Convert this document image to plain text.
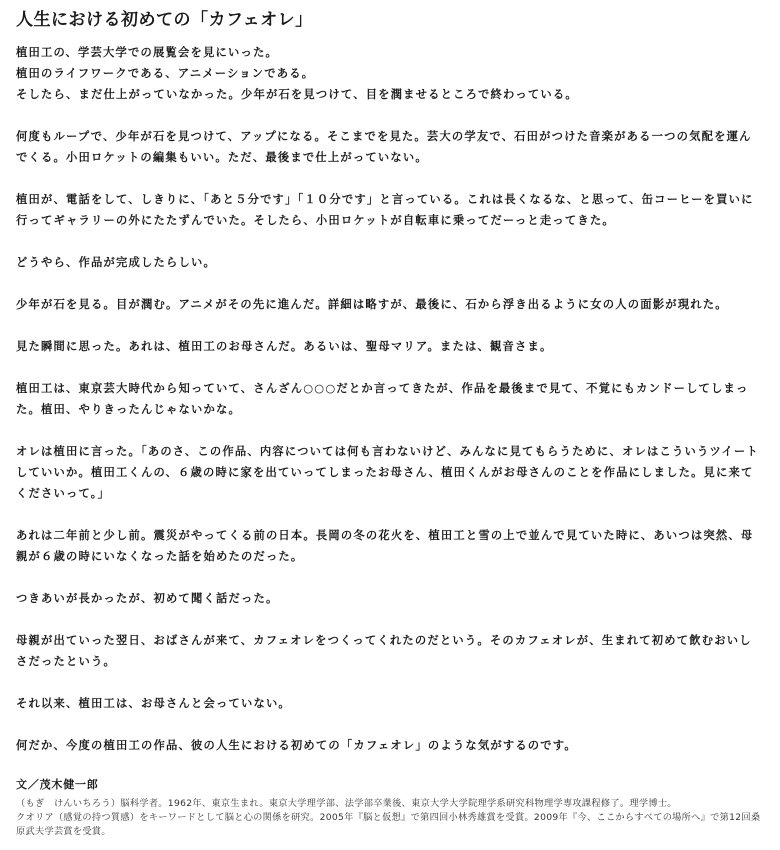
人生における初めての「カフェオレ」

植田工の、学芸大学での展覧会を見にいった。
植田のライフワークである、アニメーションである。
そしたら、まだ仕上がっていなかった。少年が石を見つけて、目を潤ませるところで終わっている。

何度もループで、少年が石を見つけて、アップになる。そこまでを見た。芸大の学友で、石田がつけた音楽がある一つの気配を運んでくる。小田ロケットの編集もいい。ただ、最後まで仕上がっていない。

植田が、電話をして、しきりに、「あと５分です」「１０分です」と言っている。これは長くなるな、と思って、缶コーヒーを買いに行ってギャラリーの外にたたずんでいた。そしたら、小田ロケットが自転車に乗ってだーっと走ってきた。

どうやら、作品が完成したらしい。

少年が石を見る。目が潤む。アニメがその先に進んだ。詳細は略すが、最後に、石から浮き出るように女の人の面影が現れた。

見た瞬間に思った。あれは、植田工のお母さんだ。あるいは、聖母マリア。または、観音さま。

植田工は、東京芸大時代から知っていて、さんざん○○○だとか言ってきたが、作品を最後まで見て、不覚にもカンドーしてしまった。植田、やりきったんじゃないかな。

オレは植田に言った。「あのさ、この作品、内容については何も言わないけど、みんなに見てもらうために、オレはこういうツイートしていいか。植田工くんの、６歳の時に家を出ていってしまったお母さん、植田くんがお母さんのことを作品にしました。見に来てくださいって。」

あれは二年前と少し前。震災がやってくる前の日本。長岡の冬の花火を、植田工と雪の上で並んで見ていた時に、あいつは突然、母親が６歳の時にいなくなった話を始めたのだった。

つきあいが長かったが、初めて聞く話だった。

母親が出ていった翌日、おばさんが来て、カフェオレをつくってくれたのだという。そのカフェオレが、生まれて初めて飲むおいしさだったという。

それ以来、植田工は、お母さんと会っていない。

何だか、今度の植田工の作品、彼の人生における初めての「カフェオレ」のような気がするのです。

文／茂木健一郎
（もぎ　けんいちろう）脳科学者。1962年、東京生まれ。東京大学理学部、法学部卒業後、東京大学大学院理学系研究科物理学専攻課程修了。理学博士。
クオリア（感覚の持つ質感）をキーワードとして脳と心の関係を研究。2005年『脳と仮想』で第四回小林秀雄賞を受賞。2009年『今、ここからすべての場所へ』で第12回桑原武夫学芸賞を受賞。
